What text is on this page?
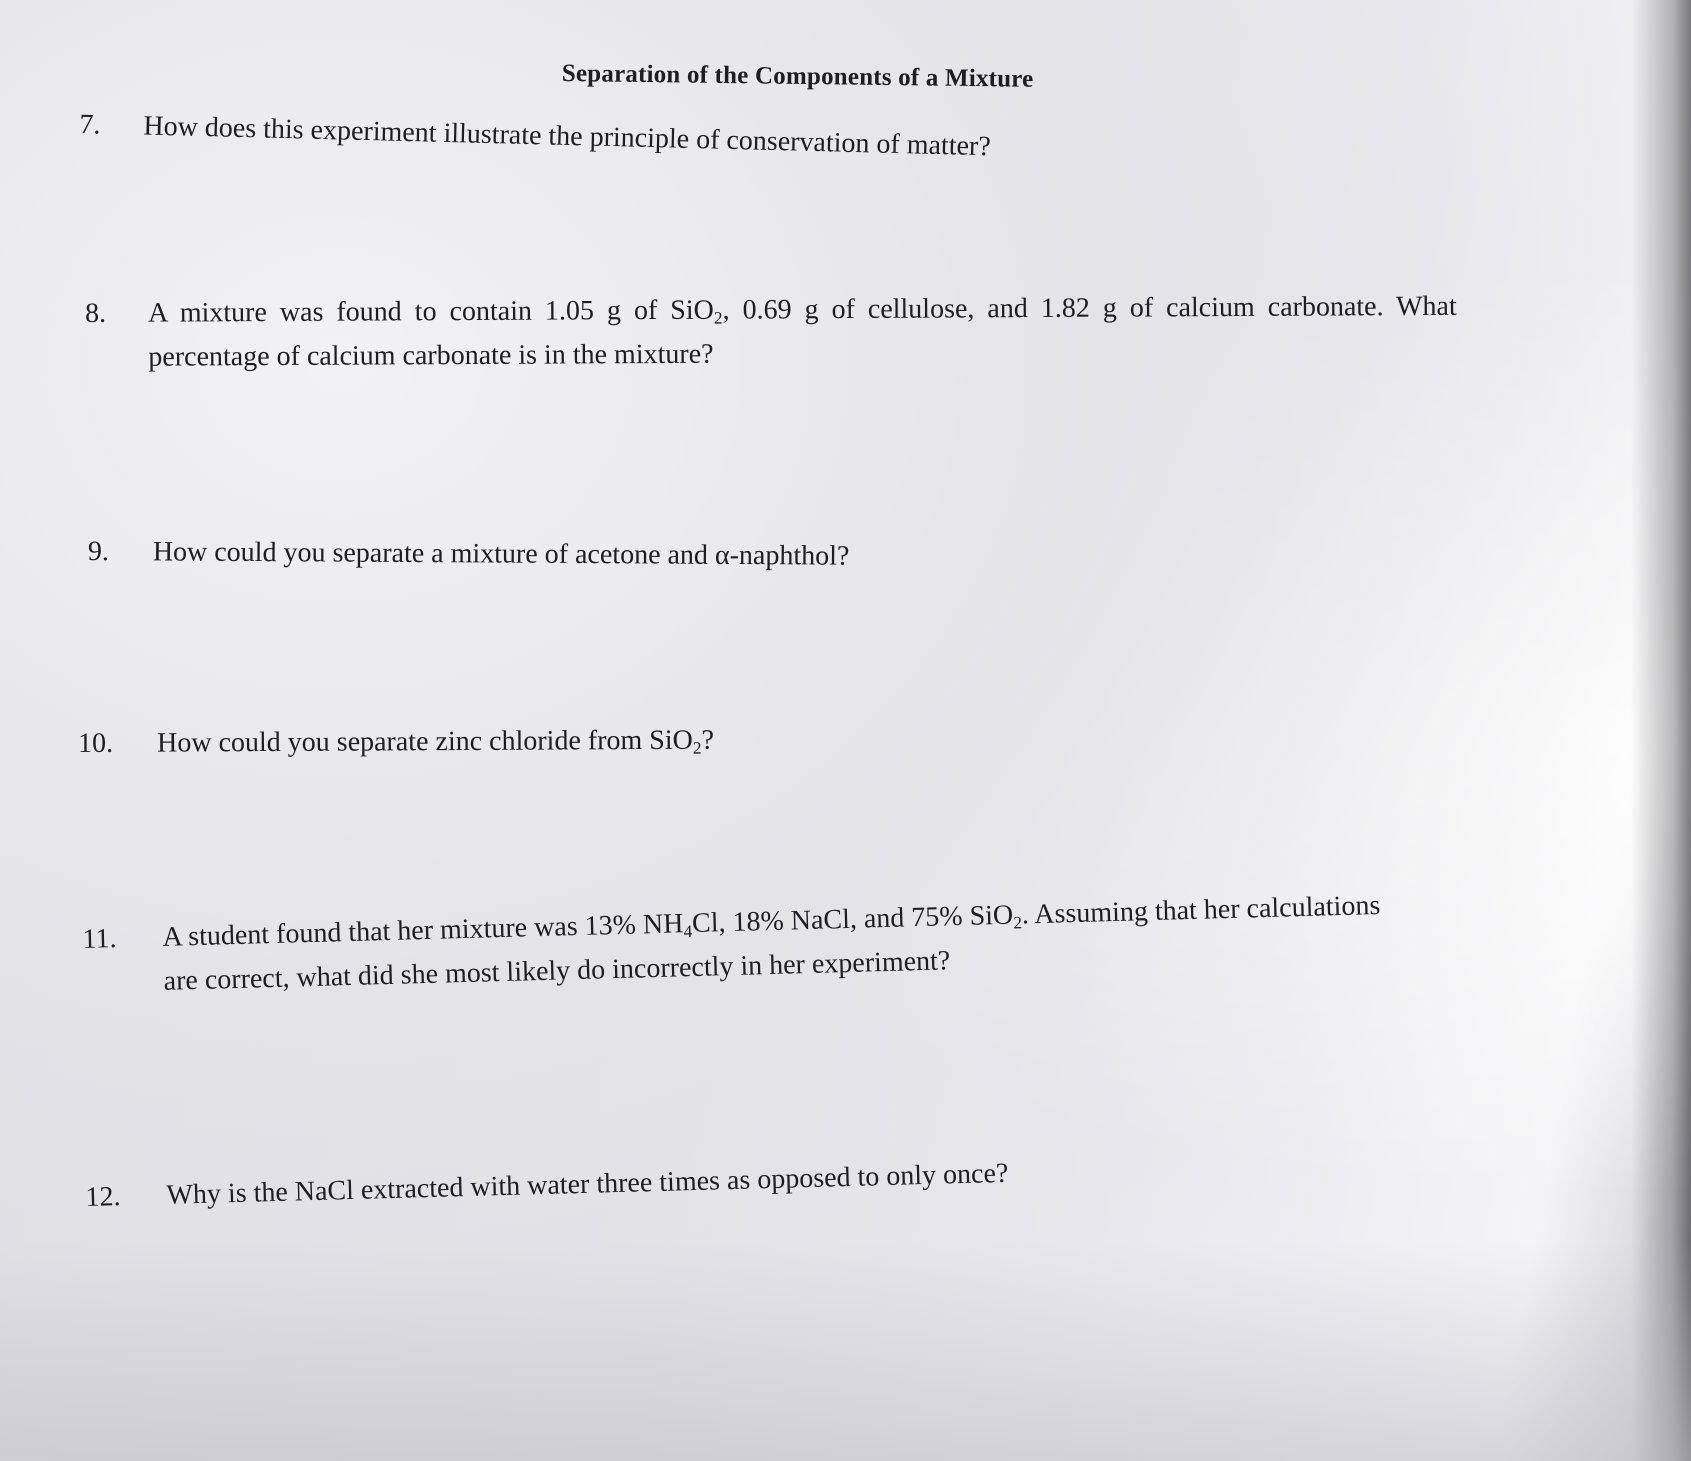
Separation of the Components of a Mixture
7. How does this experiment illustrate the principle of conservation of matter?
8. A mixture was found to contain 1.05 g of SiO$_2$, 0.69 g of cellulose, and 1.82 g of calcium carbonate. What
percentage of calcium carbonate is in the mixture?
9. How could you separate a mixture of acetone and α-naphthol?
10. How could you separate zinc chloride from SiO$_2$?
11. A student found that her mixture was 13% $NH_4Cl$, 18% NaCl, and 75% SiO$_2$. Assuming that her calculations
are correct, what did she most likely do incorrectly in her experiment?
12. Why is the NaCl extracted with water three times as opposed to only once?
